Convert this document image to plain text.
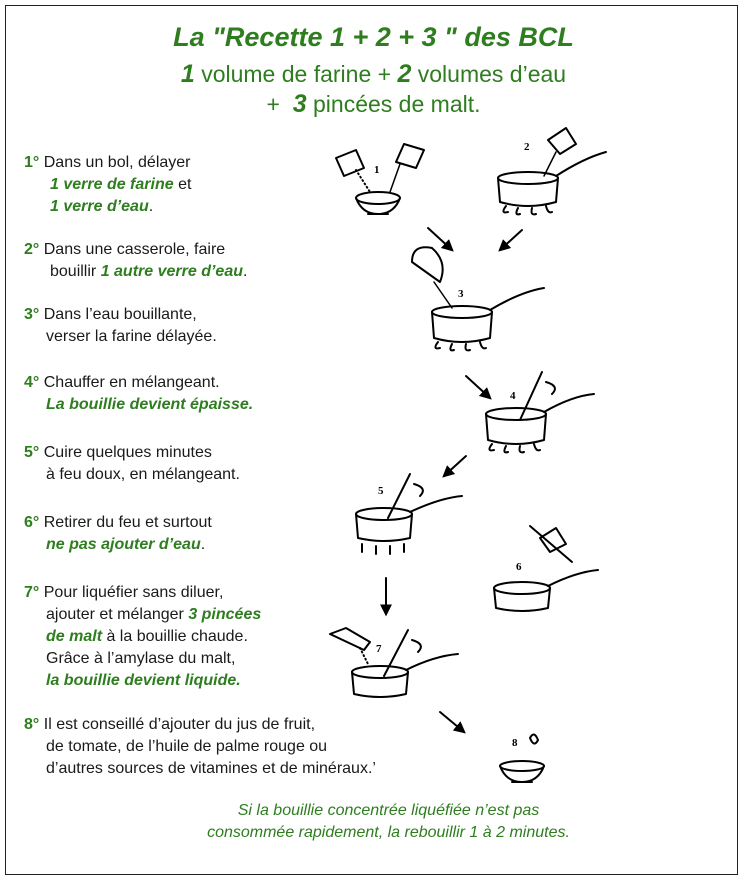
La "Recette 1 + 2 + 3 " des BCL
1 volume de farine + 2 volumes d’eau
+  3 pincées de malt.
1° Dans un bol, délayer
1 verre de farine et
1 verre d’eau.
2° Dans une casserole, faire
bouillir 1 autre verre d’eau.
3° Dans l’eau bouillante,
verser la farine délayée.
4° Chauffer en mélangeant.
La bouillie devient épaisse.
5° Cuire quelques minutes
à feu doux, en mélangeant.
6° Retirer du feu et surtout
ne pas ajouter d’eau.
7° Pour liquéfier sans diluer,
ajouter et mélanger 3 pincées
de malt à la bouillie chaude.
Grâce à l’amylase du malt,
la bouillie devient liquide.
8° Il est conseillé d’ajouter du jus de fruit,
de tomate, de l’huile de palme rouge ou
d’autres sources de vitamines et de minéraux.’
Si la bouillie concentrée liquéfiée n’est pas
consommée rapidement, la rebouillir 1 à 2 minutes.
1
2
3
4
5
6
7
8
